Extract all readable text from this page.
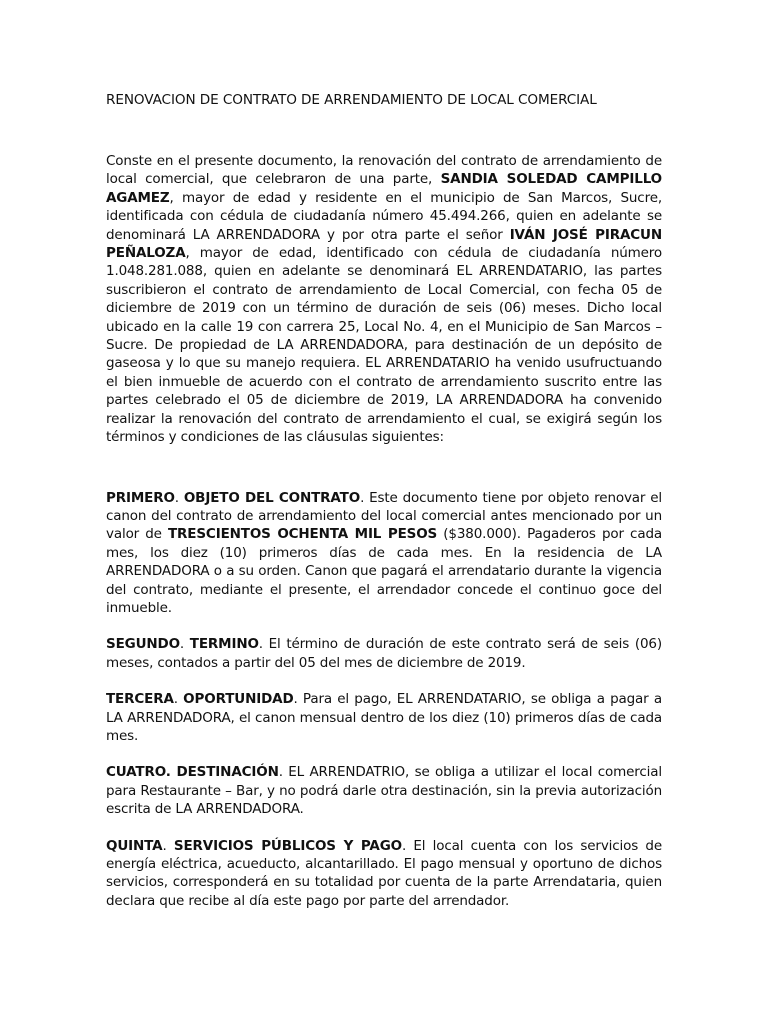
RENOVACION DE CONTRATO DE ARRENDAMIENTO DE LOCAL COMERCIAL

Conste en el presente documento, la renovación del contrato de arrendamiento de local comercial, que celebraron de una parte, SANDIA SOLEDAD CAMPILLO AGAMEZ, mayor de edad y residente en el municipio de San Marcos, Sucre, identificada con cédula de ciudadanía número 45.494.266, quien en adelante se denominará LA ARRENDADORA y por otra parte el señor IVÁN JOSÉ PIRACUN PEÑALOZA, mayor de edad, identificado con cédula de ciudadanía número 1.048.281.088, quien en adelante se denominará EL ARRENDATARIO, las partes suscribieron el contrato de arrendamiento de Local Comercial, con fecha 05 de diciembre de 2019 con un término de duración de seis (06) meses. Dicho local ubicado en la calle 19 con carrera 25, Local No. 4, en el Municipio de San Marcos – Sucre. De propiedad de LA ARRENDADORA, para destinación de un depósito de gaseosa y lo que su manejo requiera. EL ARRENDATARIO ha venido usufructuando el bien inmueble de acuerdo con el contrato de arrendamiento suscrito entre las partes celebrado el 05 de diciembre de 2019, LA ARRENDADORA ha convenido realizar la renovación del contrato de arrendamiento el cual, se exigirá según los términos y condiciones de las cláusulas siguientes:

PRIMERO. OBJETO DEL CONTRATO. Este documento tiene por objeto renovar el canon del contrato de arrendamiento del local comercial antes mencionado por un valor de TRESCIENTOS OCHENTA MIL PESOS ($380.000). Pagaderos por cada mes, los diez (10) primeros días de cada mes. En la residencia de LA ARRENDADORA o a su orden. Canon que pagará el arrendatario durante la vigencia del contrato, mediante el presente, el arrendador concede el continuo goce del inmueble.

SEGUNDO. TERMINO. El término de duración de este contrato será de seis (06) meses, contados a partir del 05 del mes de diciembre de 2019.

TERCERA. OPORTUNIDAD. Para el pago, EL ARRENDATARIO, se obliga a pagar a LA ARRENDADORA, el canon mensual dentro de los diez (10) primeros días de cada mes.

CUATRO. DESTINACIÓN. EL ARRENDATRIO, se obliga a utilizar el local comercial para Restaurante – Bar, y no podrá darle otra destinación, sin la previa autorización escrita de LA ARRENDADORA.

QUINTA. SERVICIOS PÚBLICOS Y PAGO. El local cuenta con los servicios de energía eléctrica, acueducto, alcantarillado. El pago mensual y oportuno de dichos servicios, corresponderá en su totalidad por cuenta de la parte Arrendataria, quien declara que recibe al día este pago por parte del arrendador.
